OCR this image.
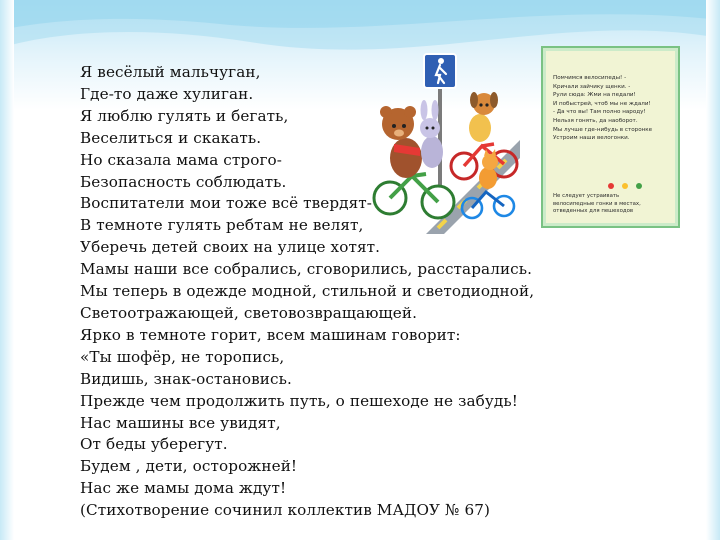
Я весёлый мальчуган,
Где-то даже хулиган.
Я люблю гулять и бегать,
Веселиться и скакать.
Но сказала мама строго-
Безопасность соблюдать.
Воспитатели мои тоже всё твердят-
В темноте гулять ребтам не велят,
Уберечь детей своих на улице хотят.
Мамы наши все собрались, сговорились, расстарались.
Мы теперь в одежде модной, стильной и светодиодной,
Светоотражающей, световозвращающей.
Ярко в темноте горит, всем машинам говорит:
«Ты шофёр, не торопись,
Видишь, знак-остановись.
Прежде чем продолжить путь, о пешеходе не забудь!
Нас машины все увидят,
От беды уберегут.
Будем , дети, осторожней!
Нас же мамы дома ждут!
(Стихотворение сочинил коллектив МАДОУ № 67)
Помчимся велосипеды! -
Кричали зайчику щенки. -
Рули сюда: Жми на педали!
И побыстрей, чтоб мы не ждали!
- Да что вы! Там полно народу!
Нельзя гонять, да наоборот.
Мы лучше где-нибудь в сторонке
Устроим наши велогонки.
Не следует устраивать
велосипедные гонки в местах,
отведенных для пешеходов
